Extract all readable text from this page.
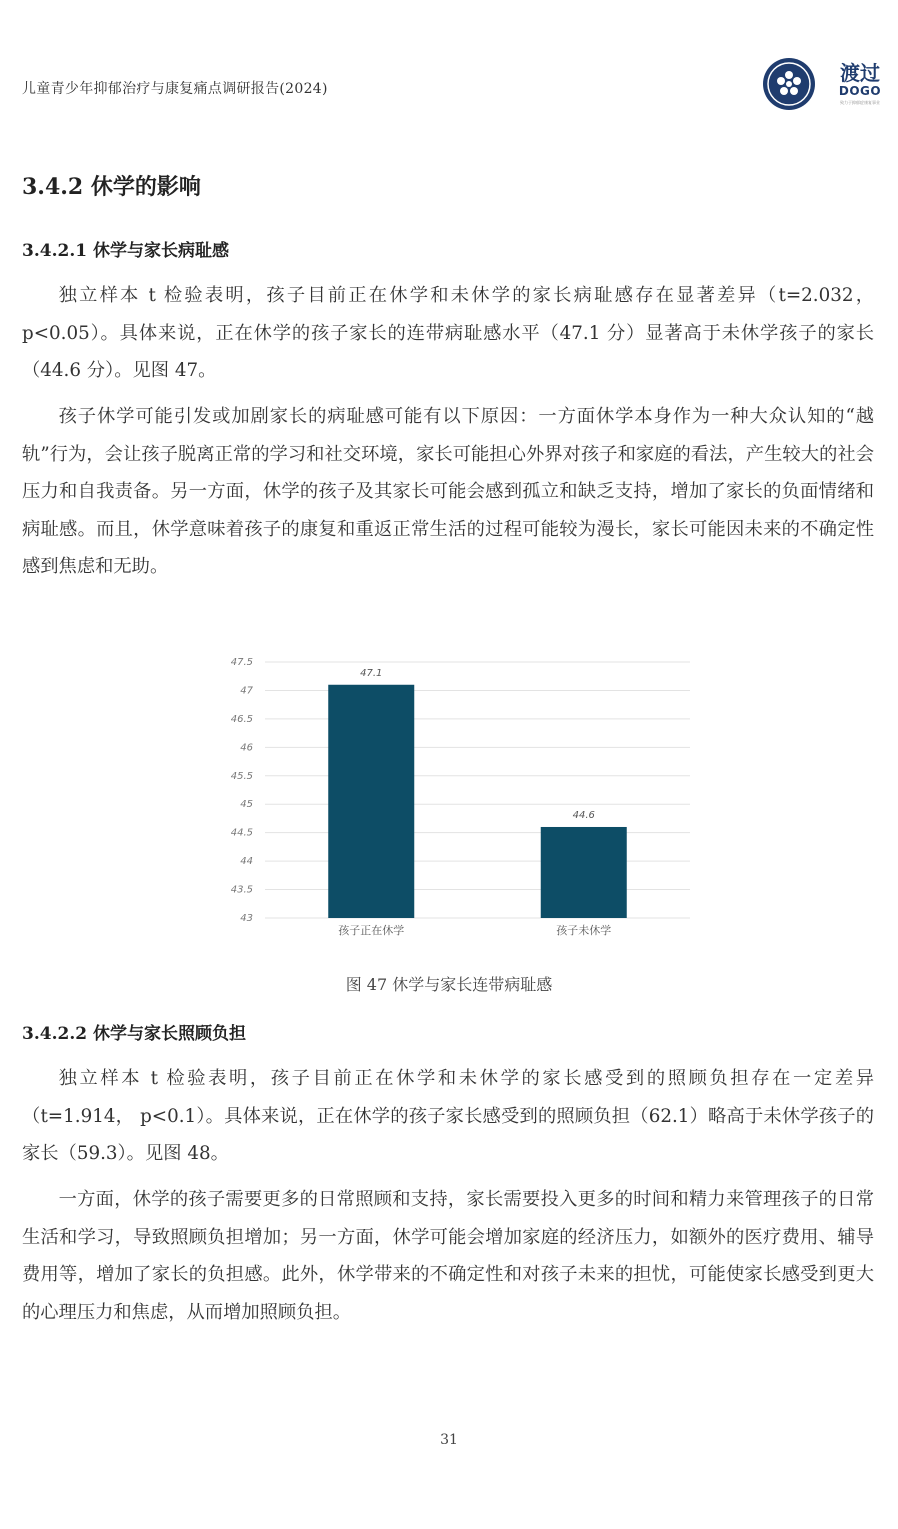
儿童青少年抑郁治疗与康复痛点调研报告(2024)
渡过
DOGO
致力于抑郁症康复事业
3.4.2 休学的影响
3.4.2.1 休学与家长病耻感
独立样本 t 检验表明，孩子目前正在休学和未休学的家长病耻感存在显著差异（t=2.032， p<0.05）。具体来说，正在休学的孩子家长的连带病耻感水平（47.1 分）显著高于未休学孩子的家长（44.6 分）。见图 47。
孩子休学可能引发或加剧家长的病耻感可能有以下原因：一方面休学本身作为一种大众认知的“越轨”行为，会让孩子脱离正常的学习和社交环境，家长可能担心外界对孩子和家庭的看法，产生较大的社会压力和自我责备。另一方面，休学的孩子及其家长可能会感到孤立和缺乏支持，增加了家长的负面情绪和病耻感。而且，休学意味着孩子的康复和重返正常生活的过程可能较为漫长，家长可能因未来的不确定性感到焦虑和无助。
43
43.5
44
44.5
45
45.5
46
46.5
47
47.5
47.1
孩子正在休学
44.6
孩子未休学
图 47 休学与家长连带病耻感
3.4.2.2 休学与家长照顾负担
独立样本 t 检验表明，孩子目前正在休学和未休学的家长感受到的照顾负担存在一定差异（t=1.914， p<0.1）。具体来说，正在休学的孩子家长感受到的照顾负担（62.1）略高于未休学孩子的家长（59.3）。见图 48。
一方面，休学的孩子需要更多的日常照顾和支持，家长需要投入更多的时间和精力来管理孩子的日常生活和学习，导致照顾负担增加；另一方面，休学可能会增加家庭的经济压力，如额外的医疗费用、辅导费用等，增加了家长的负担感。此外，休学带来的不确定性和对孩子未来的担忧，可能使家长感受到更大的心理压力和焦虑，从而增加照顾负担。
31
